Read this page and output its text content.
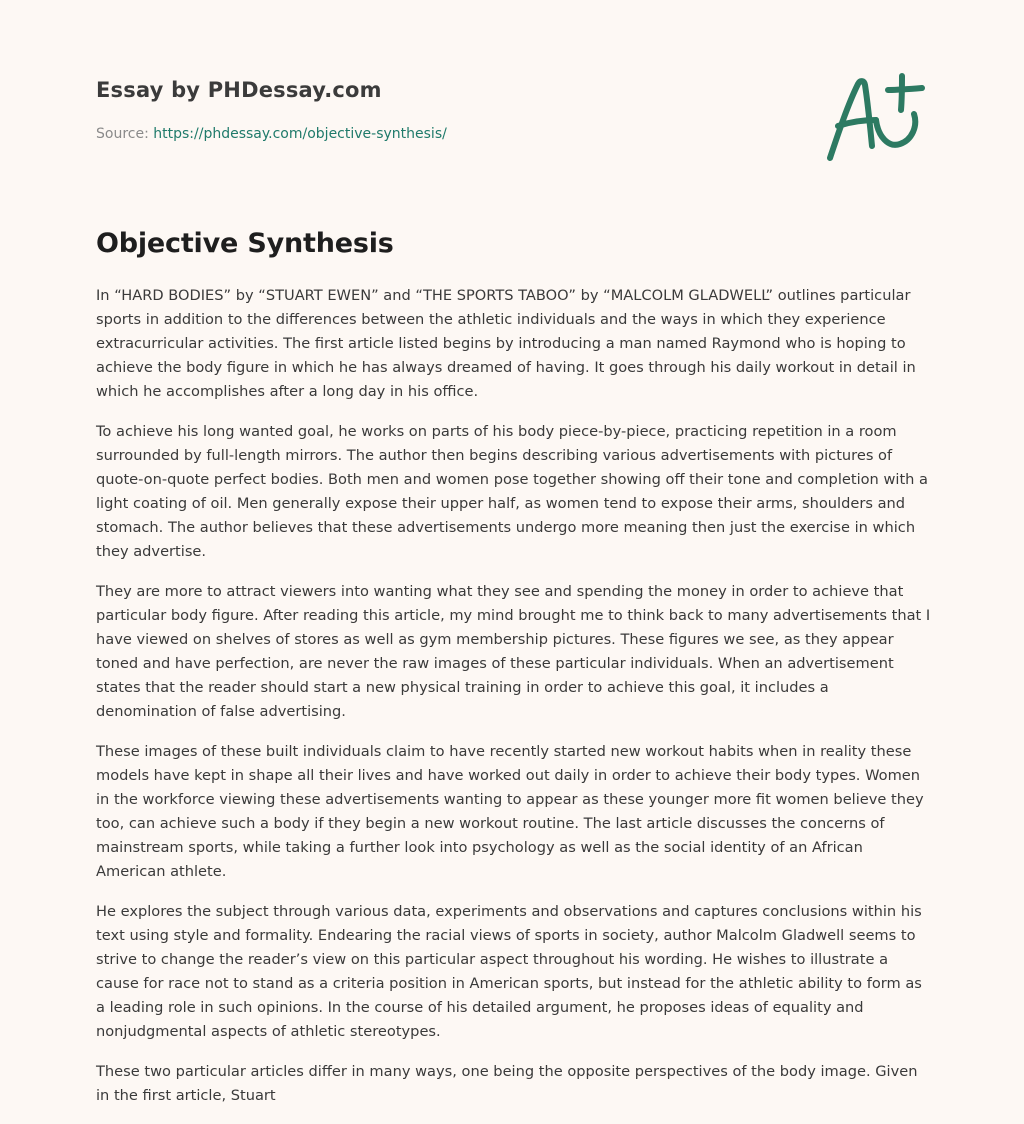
Essay by PHDessay.com
Source: https://phdessay.com/objective-synthesis/
Objective Synthesis

In “HARD BODIES” by “STUART EWEN” and “THE SPORTS TABOO” by “MALCOLM GLADWELL” outlines particular sports in addition to the differences between the athletic individuals and the ways in which they experience extracurricular activities. The first article listed begins by introducing a man named Raymond who is hoping to achieve the body figure in which he has always dreamed of having. It goes through his daily workout in detail in which he accomplishes after a long day in his office.

To achieve his long wanted goal, he works on parts of his body piece-by-piece, practicing repetition in a room surrounded by full-length mirrors. The author then begins describing various advertisements with pictures of quote-on-quote perfect bodies. Both men and women pose together showing off their tone and completion with a light coating of oil. Men generally expose their upper half, as women tend to expose their arms, shoulders and stomach. The author believes that these advertisements undergo more meaning then just the exercise in which they advertise.

They are more to attract viewers into wanting what they see and spending the money in order to achieve that particular body figure. After reading this article, my mind brought me to think back to many advertisements that I have viewed on shelves of stores as well as gym membership pictures. These figures we see, as they appear toned and have perfection, are never the raw images of these particular individuals. When an advertisement states that the reader should start a new physical training in order to achieve this goal, it includes a denomination of false advertising.

These images of these built individuals claim to have recently started new workout habits when in reality these models have kept in shape all their lives and have worked out daily in order to achieve their body types. Women in the workforce viewing these advertisements wanting to appear as these younger more fit women believe they too, can achieve such a body if they begin a new workout routine. The last article discusses the concerns of mainstream sports, while taking a further look into psychology as well as the social identity of an African American athlete.

He explores the subject through various data, experiments and observations and captures conclusions within his text using style and formality. Endearing the racial views of sports in society, author Malcolm Gladwell seems to strive to change the reader’s view on this particular aspect throughout his wording. He wishes to illustrate a cause for race not to stand as a criteria position in American sports, but instead for the athletic ability to form as a leading role in such opinions. In the course of his detailed argument, he proposes ideas of equality and nonjudgmental aspects of athletic stereotypes.

These two particular articles differ in many ways, one being the opposite perspectives of the body image. Given in the first article, Stuart
